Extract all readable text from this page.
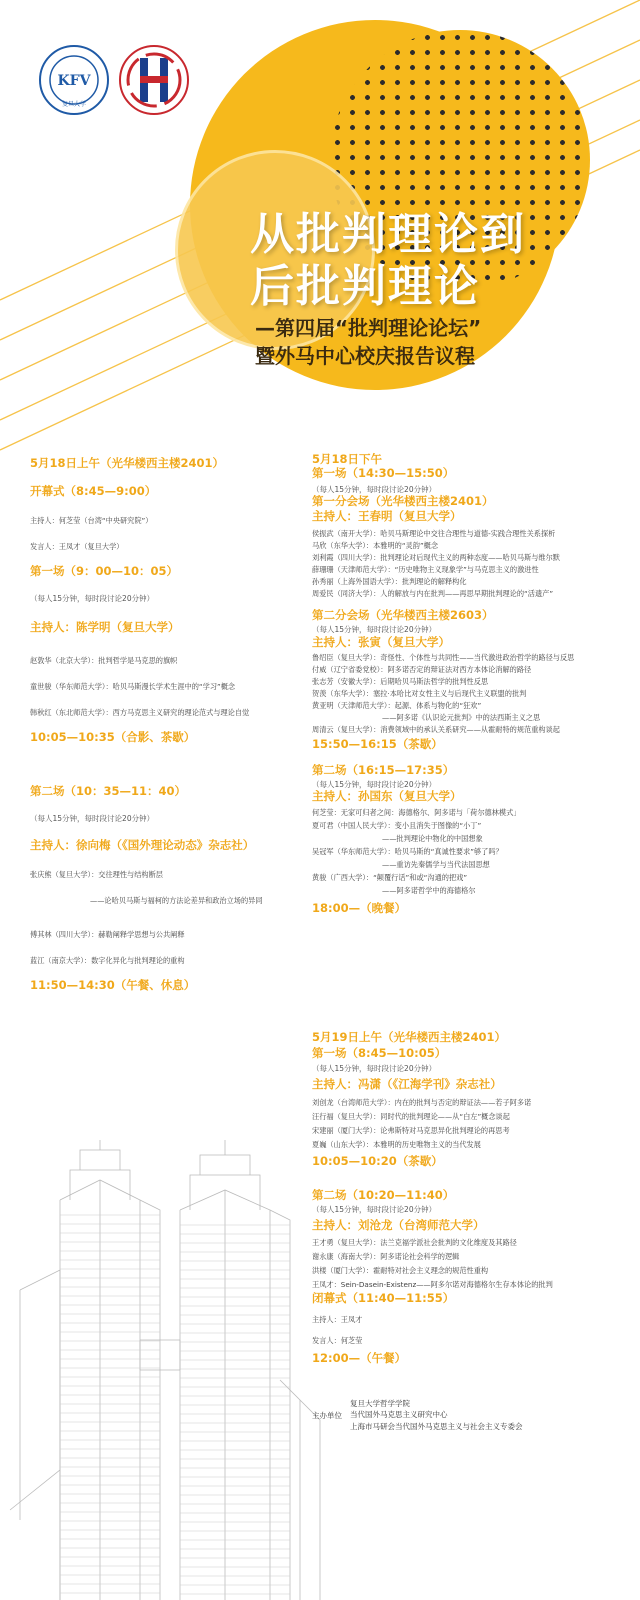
KFV
复旦大学
从批判理论到
后批判理论
—第四届“批判理论论坛”
暨外马中心校庆报告议程
5月18日上午（光华楼西主楼2401）
开幕式（8:45—9:00）
主持人：何芝莹（台湾“中央研究院”）
发言人：王凤才（复旦大学）
第一场（9：00—10：05）
（每人15分钟，每时段讨论20分钟）
主持人：陈学明（复旦大学）
赵敦华（北京大学）：批判哲学是马克思的旗帜
童世骏（华东师范大学）：哈贝马斯漫长学术生涯中的“学习”概念
韩秋红（东北师范大学）：西方马克思主义研究的理论范式与理论自觉
10:05—10:35（合影、茶歇）
第二场（10：35—11：40）
（每人15分钟，每时段讨论20分钟）
主持人：徐向梅（《国外理论动态》杂志社）
张庆熊（复旦大学）：交往理性与结构断层
——论哈贝马斯与福柯的方法论差异和政治立场的异同
傅其林（四川大学）：赫勒阐释学思想与公共阐释
蓝江（南京大学）：数字化异化与批判理论的重构
11:50—14:30（午餐、休息）
5月18日下午
第一场（14:30—15:50）
（每人15分钟，每时段讨论20分钟）
第一分会场（光华楼西主楼2401）
主持人：王春明（复旦大学）
侯振武（南开大学）：哈贝马斯理论中交往合理性与道德-实践合理性关系探析
马欣（东华大学）：本雅明的“灵韵”概念
刘利霞（四川大学）：批判理论对后现代主义的两种态度——哈贝马斯与维尔默
薛珊珊（天津师范大学）：“历史唯物主义现象学”与马克思主义的激进性
孙秀丽（上海外国语大学）：批判理论的解释构化
周爱民（同济大学）：人的解放与内在批判——再思早期批判理论的“活遗产”
第二分会场（光华楼西主楼2603）
（每人15分钟，每时段讨论20分钟）
主持人：张寅（复旦大学）
鲁绍臣（复旦大学）：奇怪性、个体性与共同性——当代激进政治哲学的路径与反思
付威（辽宁省委党校）：阿多诺否定的辩证法对西方本体论消解的路径
张志芳（安徽大学）：后期哈贝马斯法哲学的批判性反思
贺羡（东华大学）：塞拉·本哈比对女性主义与后现代主义联盟的批判
黄亚明（天津师范大学）：起源、体系与物化的“狂欢”
——阿多诺《认识论元批判》中的法西斯主义之思
周清云（复旦大学）：消费领域中的承认关系研究——从霍耐特的规范重构谈起
15:50—16:15（茶歇）
第二场（16:15—17:35）
（每人15分钟，每时段讨论20分钟）
主持人：孙国东（复旦大学）
何芝莹：无家可归者之间：海德格尔、阿多诺与「荷尔德林模式」
夏可君（中国人民大学）：变小且消失于图像的“小丁”
——批判理论中物化的中国想象
吴冠军（华东师范大学）：哈贝马斯的“真诚性要求”够了吗？
——重访先秦儒学与当代法国思想
黄骏（广西大学）：“颠覆行话”和或“沟通的把戏”
——阿多诺哲学中的海德格尔
18:00—（晚餐）
5月19日上午（光华楼西主楼2401）
第一场（8:45—10:05）
（每人15分钟，每时段讨论20分钟）
主持人：冯潇（《江海学刊》杂志社）
刘创龙（台湾师范大学）：内在的批判与否定的辩证法——若子阿多诺
汪行福（复旦大学）：同时代的批判理论——从“白左”概念谈起
宋建丽（厦门大学）：论弗斯特对马克思异化批判理论的再思考
夏巍（山东大学）：本雅明的历史唯物主义的当代发展
10:05—10:20（茶歇）
第二场（10:20—11:40）
（每人15分钟，每时段讨论20分钟）
主持人：刘沧龙（台湾师范大学）
王才勇（复旦大学）：法兰克福学派社会批判的文化维度及其路径
谢永康（海南大学）：阿多诺论社会科学的逻辑
洪楼（厦门大学）：霍耐特对社会主义理念的规范性重构
王凤才：Sein-Dasein-Existenz——阿多尔诺对海德格尔生存本体论的批判
闭幕式（11:40—11:55）
主持人：王凤才
发言人：何芝莹
12:00—（午餐）
主办单位
复旦大学哲学学院
当代国外马克思主义研究中心
上海市马研会当代国外马克思主义与社会主义专委会
